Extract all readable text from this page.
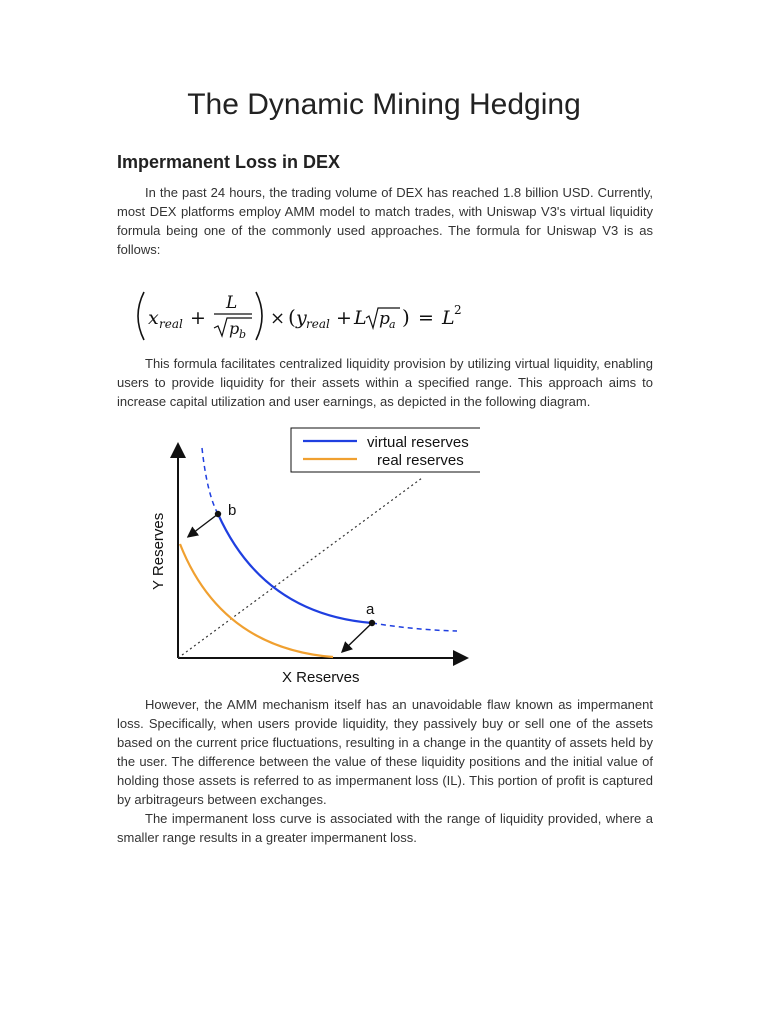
The Dynamic Mining Hedging
Impermanent Loss in DEX

In the past 24 hours, the trading volume of DEX has reached 1.8 billion USD. Currently, most DEX platforms employ AMM model to match trades, with Uniswap V3's virtual liquidity formula being one of the commonly used approaches. The formula for Uniswap V3 is as follows:

x real +
L
p b
× ( y real + L p a ) = L 2

This formula facilitates centralized liquidity provision by utilizing virtual liquidity, enabling users to provide liquidity for their assets within a specified range. This approach aims to increase capital utilization and user earnings, as depicted in the following diagram.

virtual reserves
real reserves
b
a
X Reserves
Y Reserves

However, the AMM mechanism itself has an unavoidable flaw known as impermanent loss. Specifically, when users provide liquidity, they passively buy or sell one of the assets based on the current price fluctuations, resulting in a change in the quantity of assets held by the user. The difference between the value of these liquidity positions and the initial value of holding those assets is referred to as impermanent loss (IL). This portion of profit is captured by arbitrageurs between exchanges.

The impermanent loss curve is associated with the range of liquidity provided, where a smaller range results in a greater impermanent loss.
